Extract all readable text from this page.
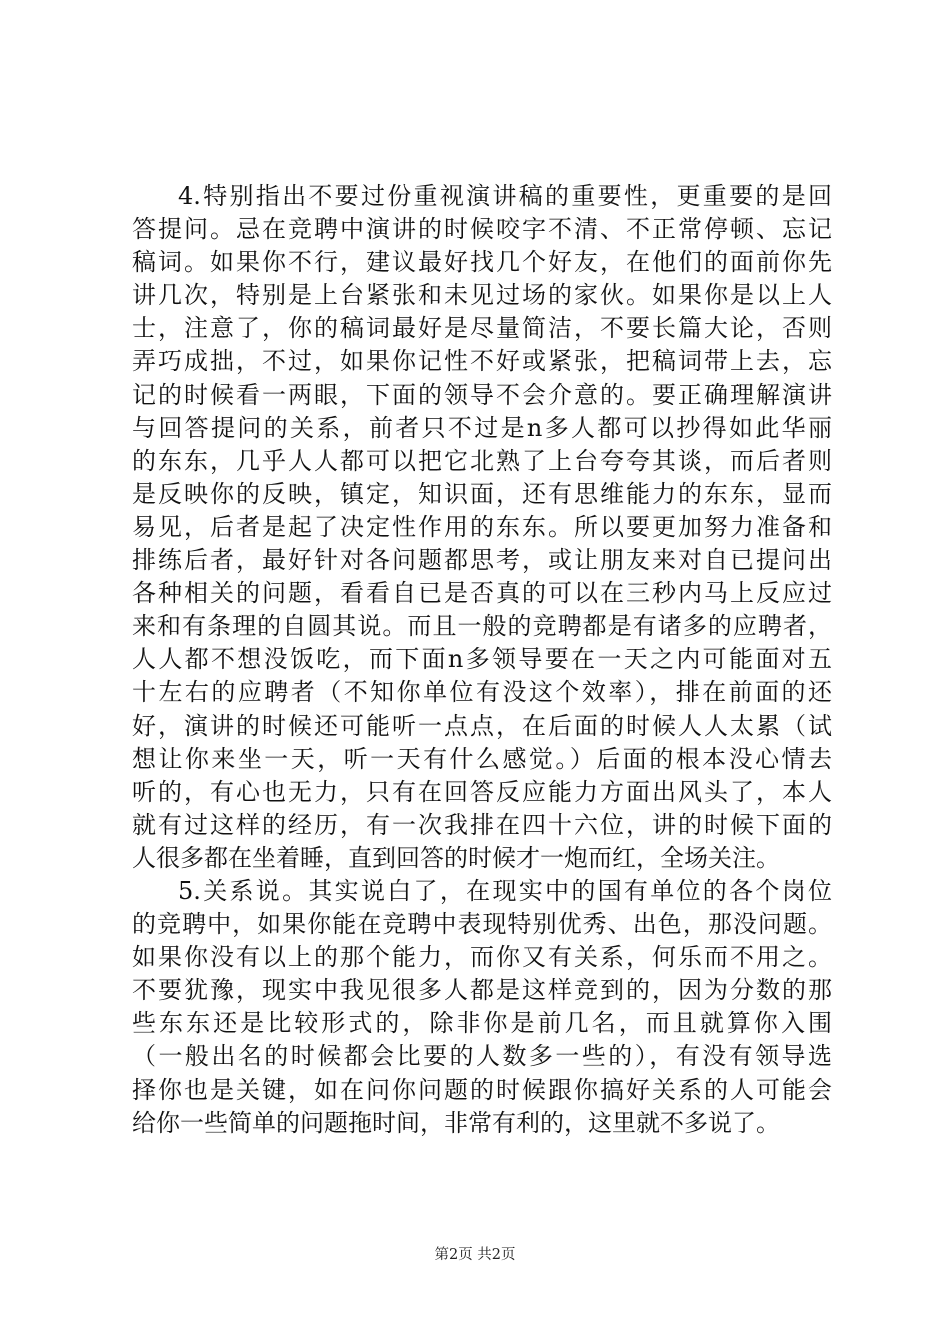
4.特别指出不要过份重视演讲稿的重要性，更重要的是回
答提问。忌在竞聘中演讲的时候咬字不清、不正常停顿、忘记
稿词。如果你不行，建议最好找几个好友，在他们的面前你先
讲几次，特别是上台紧张和未见过场的家伙。如果你是以上人
士，注意了，你的稿词最好是尽量简洁，不要长篇大论，否则
弄巧成拙，不过，如果你记性不好或紧张，把稿词带上去，忘
记的时候看一两眼，下面的领导不会介意的。要正确理解演讲
与回答提问的关系，前者只不过是n多人都可以抄得如此华丽
的东东，几乎人人都可以把它北熟了上台夸夸其谈，而后者则
是反映你的反映，镇定，知识面，还有思维能力的东东，显而
易见，后者是起了决定性作用的东东。所以要更加努力准备和
排练后者，最好针对各问题都思考，或让朋友来对自已提问出
各种相关的问题，看看自已是否真的可以在三秒内马上反应过
来和有条理的自圆其说。而且一般的竞聘都是有诸多的应聘者，
人人都不想没饭吃，而下面n多领导要在一天之内可能面对五
十左右的应聘者（不知你单位有没这个效率），排在前面的还
好，演讲的时候还可能听一点点，在后面的时候人人太累（试
想让你来坐一天，听一天有什么感觉。）后面的根本没心情去
听的，有心也无力，只有在回答反应能力方面出风头了，本人
就有过这样的经历，有一次我排在四十六位，讲的时候下面的
人很多都在坐着睡，直到回答的时候才一炮而红，全场关注。
5.关系说。其实说白了，在现实中的国有单位的各个岗位
的竞聘中，如果你能在竞聘中表现特别优秀、出色，那没问题。
如果你没有以上的那个能力，而你又有关系，何乐而不用之。
不要犹豫，现实中我见很多人都是这样竞到的，因为分数的那
些东东还是比较形式的，除非你是前几名，而且就算你入围
（一般出名的时候都会比要的人数多一些的），有没有领导选
择你也是关键，如在问你问题的时候跟你搞好关系的人可能会
给你一些简单的问题拖时间，非常有利的，这里就不多说了。
第2页 共2页
